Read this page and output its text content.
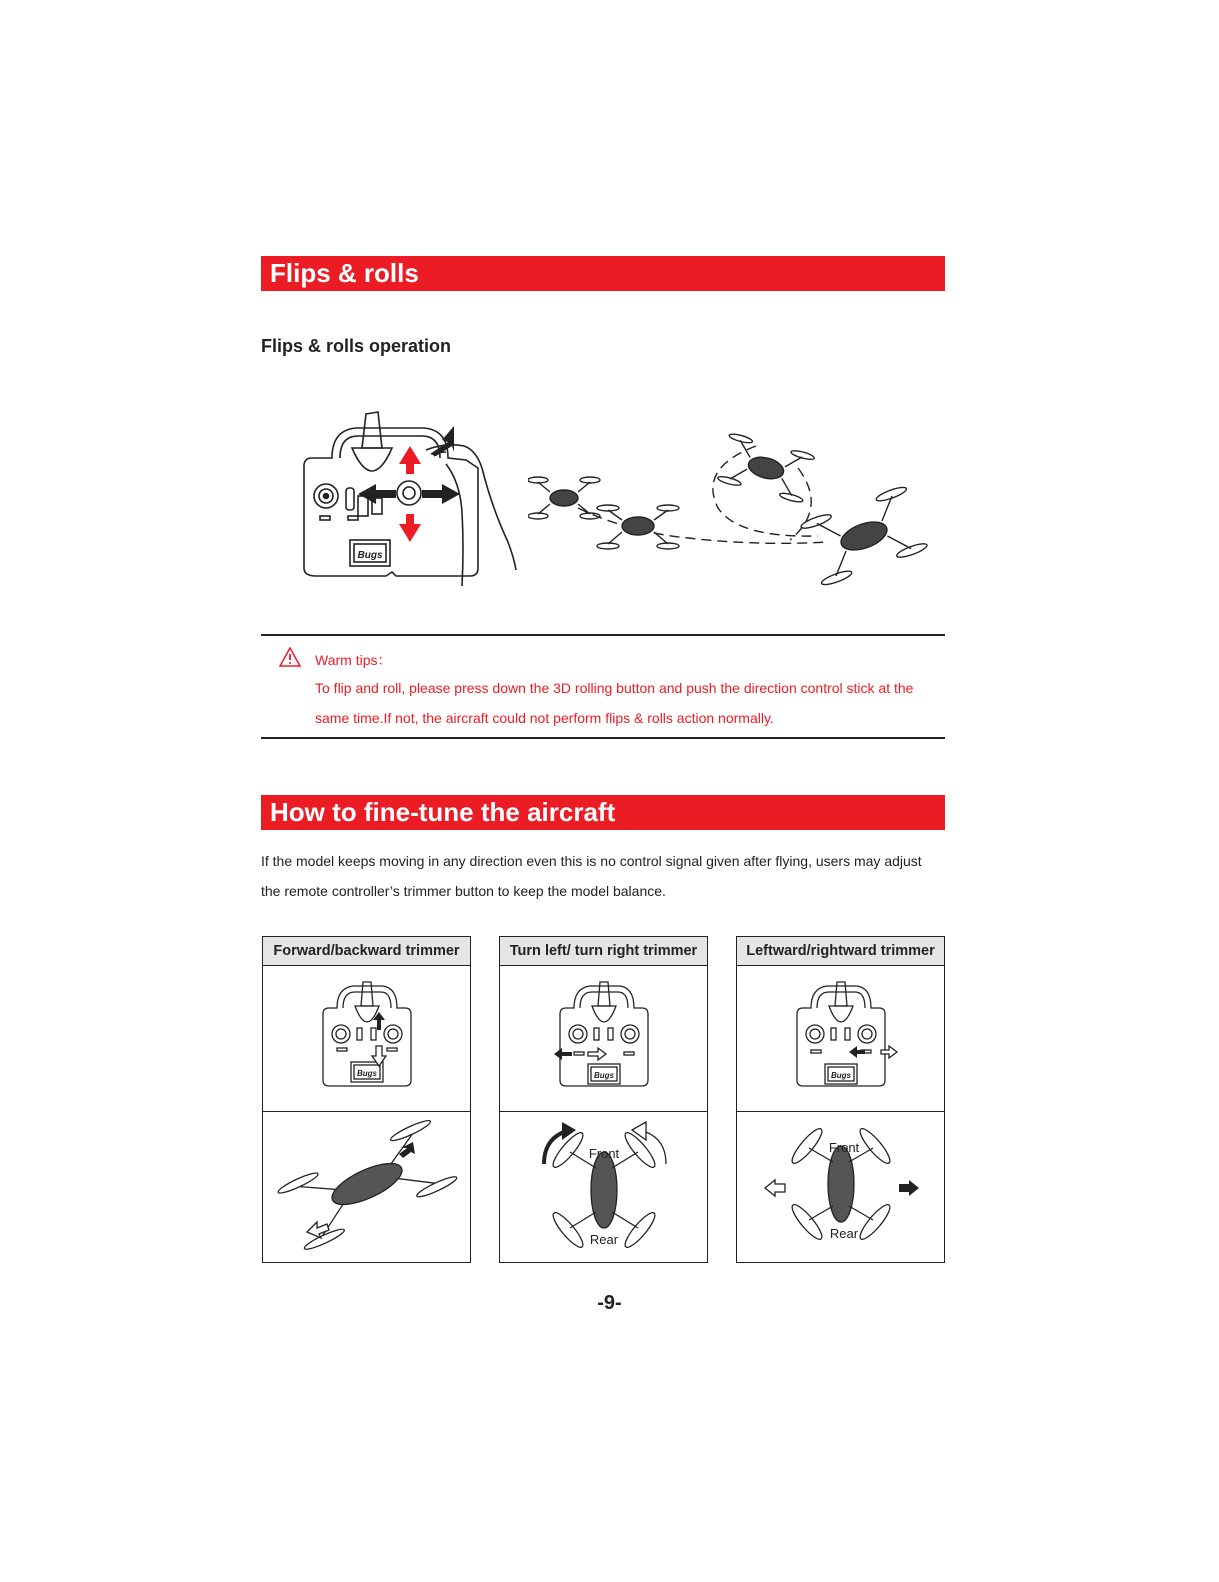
Flips & rolls
Flips & rolls operation
Bugs
Warm tips：
To flip and roll, please press down the 3D rolling button and push the direction control stick at the same time.If not, the aircraft could not perform flips & rolls action normally.
How to fine-tune the aircraft
If the model keeps moving in any direction even this is no control signal given after flying, users may adjust the remote controller’s trimmer button to keep the model balance.
Forward/backward trimmer
Bugs
Turn left/ turn right trimmer
Bugs
Front
Rear
Leftward/rightward trimmer
Bugs
Front
Rear
-9-
